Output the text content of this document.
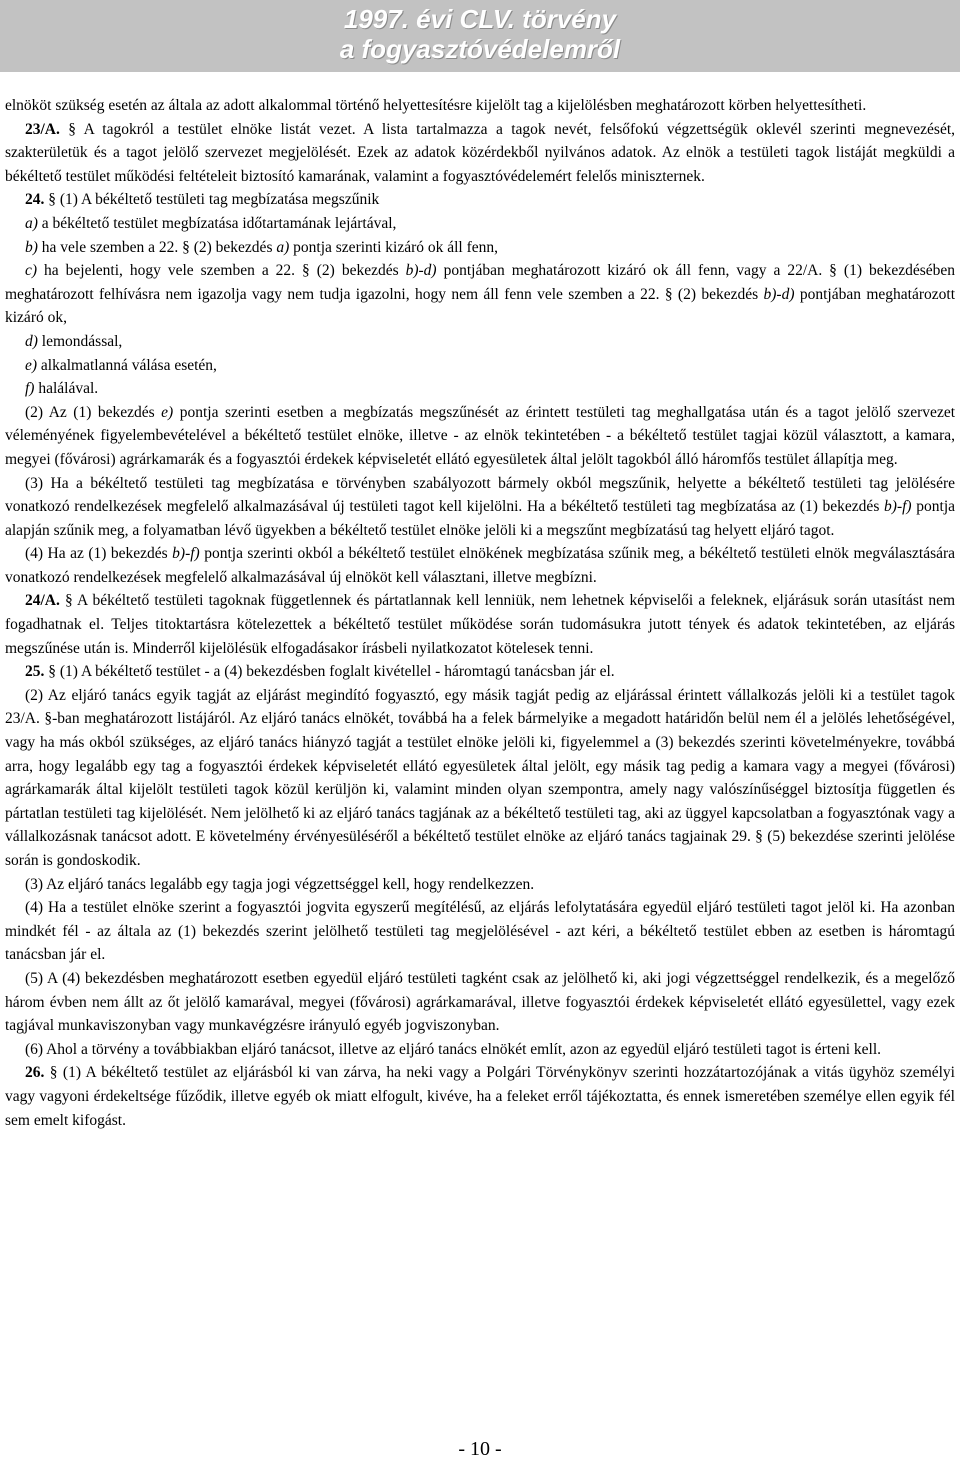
1997. évi CLV. törvény
a fogyasztóvédelemről

elnököt szükség esetén az általa az adott alkalommal történő helyettesítésre kijelölt tag a kijelölésben meghatározott körben helyettesítheti.

23/A. § A tagokról a testület elnöke listát vezet. A lista tartalmazza a tagok nevét, felsőfokú végzettségük oklevél szerinti megnevezését, szakterületük és a tagot jelölő szervezet megjelölését. Ezek az adatok közérdekből nyilvános adatok. Az elnök a testületi tagok listáját megküldi a békéltető testület működési feltételeit biztosító kamarának, valamint a fogyasztóvédelemért felelős miniszternek.

24. § (1) A békéltető testületi tag megbízatása megszűnik

a) a békéltető testület megbízatása időtartamának lejártával,

b) ha vele szemben a 22. § (2) bekezdés a) pontja szerinti kizáró ok áll fenn,

c) ha bejelenti, hogy vele szemben a 22. § (2) bekezdés b)-d) pontjában meghatározott kizáró ok áll fenn, vagy a 22/A. § (1) bekezdésében meghatározott felhívásra nem igazolja vagy nem tudja igazolni, hogy nem áll fenn vele szemben a 22. § (2) bekezdés b)-d) pontjában meghatározott kizáró ok,

d) lemondással,

e) alkalmatlanná válása esetén,

f) halálával.

(2) Az (1) bekezdés e) pontja szerinti esetben a megbízatás megszűnését az érintett testületi tag meghallgatása után és a tagot jelölő szervezet véleményének figyelembevételével a békéltető testület elnöke, illetve - az elnök tekintetében - a békéltető testület tagjai közül választott, a kamara, megyei (fővárosi) agrárkamarák és a fogyasztói érdekek képviseletét ellátó egyesületek által jelölt tagokból álló háromfős testület állapítja meg.

(3) Ha a békéltető testületi tag megbízatása e törvényben szabályozott bármely okból megszűnik, helyette a békéltető testületi tag jelölésére vonatkozó rendelkezések megfelelő alkalmazásával új testületi tagot kell kijelölni. Ha a békéltető testületi tag megbízatása az (1) bekezdés b)-f) pontja alapján szűnik meg, a folyamatban lévő ügyekben a békéltető testület elnöke jelöli ki a megszűnt megbízatású tag helyett eljáró tagot.

(4) Ha az (1) bekezdés b)-f) pontja szerinti okból a békéltető testület elnökének megbízatása szűnik meg, a békéltető testületi elnök megválasztására vonatkozó rendelkezések megfelelő alkalmazásával új elnököt kell választani, illetve megbízni.

24/A. § A békéltető testületi tagoknak függetlennek és pártatlannak kell lenniük, nem lehetnek képviselői a feleknek, eljárásuk során utasítást nem fogadhatnak el. Teljes titoktartásra kötelezettek a békéltető testület működése során tudomásukra jutott tények és adatok tekintetében, az eljárás megszűnése után is. Minderről kijelölésük elfogadásakor írásbeli nyilatkozatot kötelesek tenni.

25. § (1) A békéltető testület - a (4) bekezdésben foglalt kivétellel - háromtagú tanácsban jár el.

(2) Az eljáró tanács egyik tagját az eljárást megindító fogyasztó, egy másik tagját pedig az eljárással érintett vállalkozás jelöli ki a testület tagok 23/A. §-ban meghatározott listájáról. Az eljáró tanács elnökét, továbbá ha a felek bármelyike a megadott határidőn belül nem él a jelölés lehetőségével, vagy ha más okból szükséges, az eljáró tanács hiányzó tagját a testület elnöke jelöli ki, figyelemmel a (3) bekezdés szerinti követelményekre, továbbá arra, hogy legalább egy tag a fogyasztói érdekek képviseletét ellátó egyesületek által jelölt, egy másik tag pedig a kamara vagy a megyei (fővárosi) agrárkamarák által kijelölt testületi tagok közül kerüljön ki, valamint minden olyan szempontra, amely nagy valószínűséggel biztosítja független és pártatlan testületi tag kijelölését. Nem jelölhető ki az eljáró tanács tagjának az a békéltető testületi tag, aki az üggyel kapcsolatban a fogyasztónak vagy a vállalkozásnak tanácsot adott. E követelmény érvényesüléséről a békéltető testület elnöke az eljáró tanács tagjainak 29. § (5) bekezdése szerinti jelölése során is gondoskodik.

(3) Az eljáró tanács legalább egy tagja jogi végzettséggel kell, hogy rendelkezzen.

(4) Ha a testület elnöke szerint a fogyasztói jogvita egyszerű megítélésű, az eljárás lefolytatására egyedül eljáró testületi tagot jelöl ki. Ha azonban mindkét fél - az általa az (1) bekezdés szerint jelölhető testületi tag megjelölésével - azt kéri, a békéltető testület ebben az esetben is háromtagú tanácsban jár el.

(5) A (4) bekezdésben meghatározott esetben egyedül eljáró testületi tagként csak az jelölhető ki, aki jogi végzettséggel rendelkezik, és a megelőző három évben nem állt az őt jelölő kamarával, megyei (fővárosi) agrárkamarával, illetve fogyasztói érdekek képviseletét ellátó egyesülettel, vagy ezek tagjával munkaviszonyban vagy munkavégzésre irányuló egyéb jogviszonyban.

(6) Ahol a törvény a továbbiakban eljáró tanácsot, illetve az eljáró tanács elnökét említ, azon az egyedül eljáró testületi tagot is érteni kell.

26. § (1) A békéltető testület az eljárásból ki van zárva, ha neki vagy a Polgári Törvénykönyv szerinti hozzátartozójának a vitás ügyhöz személyi vagy vagyoni érdekeltsége fűződik, illetve egyéb ok miatt elfogult, kivéve, ha a feleket erről tájékoztatta, és ennek ismeretében személye ellen egyik fél sem emelt kifogást.

- 10 -
